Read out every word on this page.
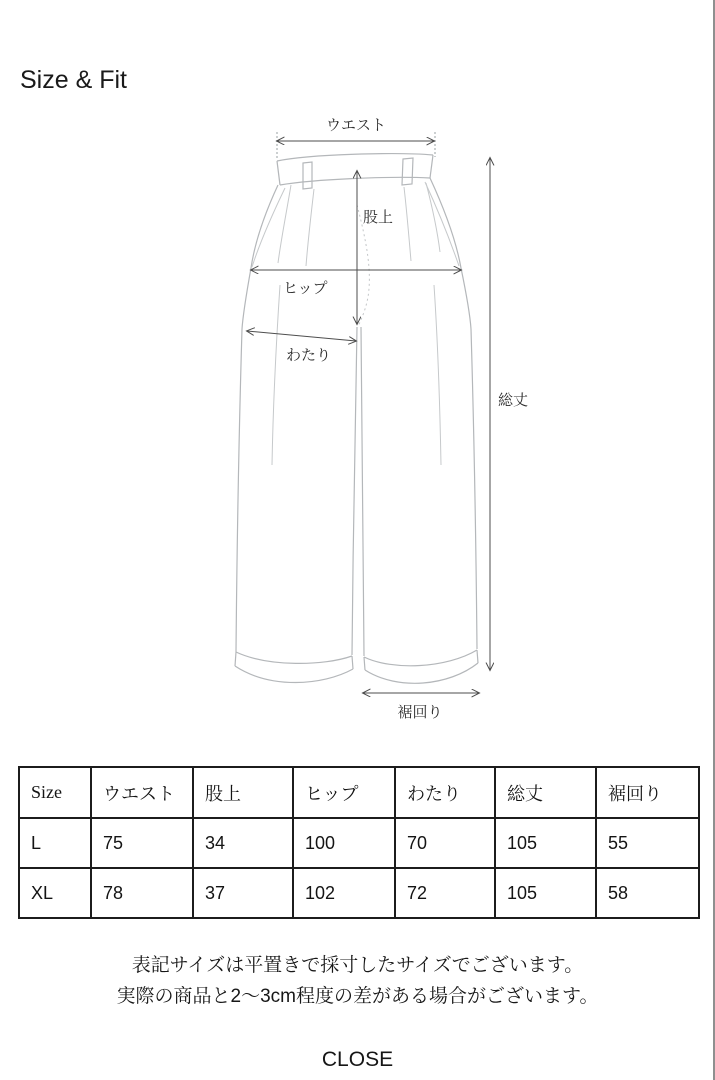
Size & Fit
ウエスト
股上
ヒップ
わたり
総丈
裾回り
Size	ウエスト	股上	ヒップ	わたり	総丈	裾回り
L	75	34	100	70	105	55
XL	78	37	102	72	105	58
表記サイズは平置きで採寸したサイズでございます。
実際の商品と2〜3cm程度の差がある場合がございます。
CLOSE
